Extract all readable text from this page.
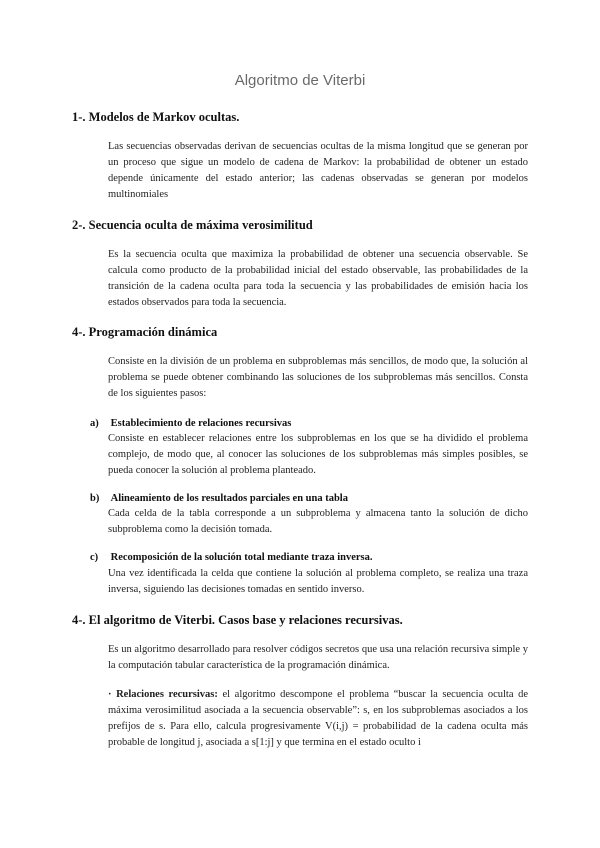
Algoritmo de Viterbi
1-. Modelos de Markov ocultas.

Las secuencias observadas derivan de secuencias ocultas de la misma longitud que se generan por un proceso que sigue un modelo de cadena de Markov: la probabilidad de obtener un estado depende únicamente del estado anterior; las cadenas observadas se generan por modelos multinomiales

2-. Secuencia oculta de máxima verosimilitud

Es la secuencia oculta que maximiza la probabilidad de obtener una secuencia observable. Se calcula como producto de la probabilidad inicial del estado observable, las probabilidades de la transición de la cadena oculta para toda la secuencia y las probabilidades de emisión hacia los estados observados para toda la secuencia.

4-. Programación dinámica

Consiste en la división de un problema en subproblemas más sencillos, de modo que, la solución al problema se puede obtener combinando las soluciones de los subproblemas más sencillos. Consta de los siguientes pasos:

a) Establecimiento de relaciones recursivas

Consiste en establecer relaciones entre los subproblemas en los que se ha dividido el problema complejo, de modo que, al conocer las soluciones de los subproblemas más simples posibles, se pueda conocer la solución al problema planteado.

b) Alineamiento de los resultados parciales en una tabla

Cada celda de la tabla corresponde a un subproblema y almacena tanto la solución de dicho subproblema como la decisión tomada.

c) Recomposición de la solución total mediante traza inversa.

Una vez identificada la celda que contiene la solución al problema completo, se realiza una traza inversa, siguiendo las decisiones tomadas en sentido inverso.

4-. El algoritmo de Viterbi. Casos base y relaciones recursivas.

Es un algoritmo desarrollado para resolver códigos secretos que usa una relación recursiva simple y la computación tabular característica de la programación dinámica.

· Relaciones recursivas: el algoritmo descompone el problema “buscar la secuencia oculta de máxima verosimilitud asociada a la secuencia observable”: s, en los subproblemas asociados a los prefijos de s. Para ello, calcula progresivamente V(i,j) = probabilidad de la cadena oculta más probable de longitud j, asociada a s[1:j] y que termina en el estado oculto i
